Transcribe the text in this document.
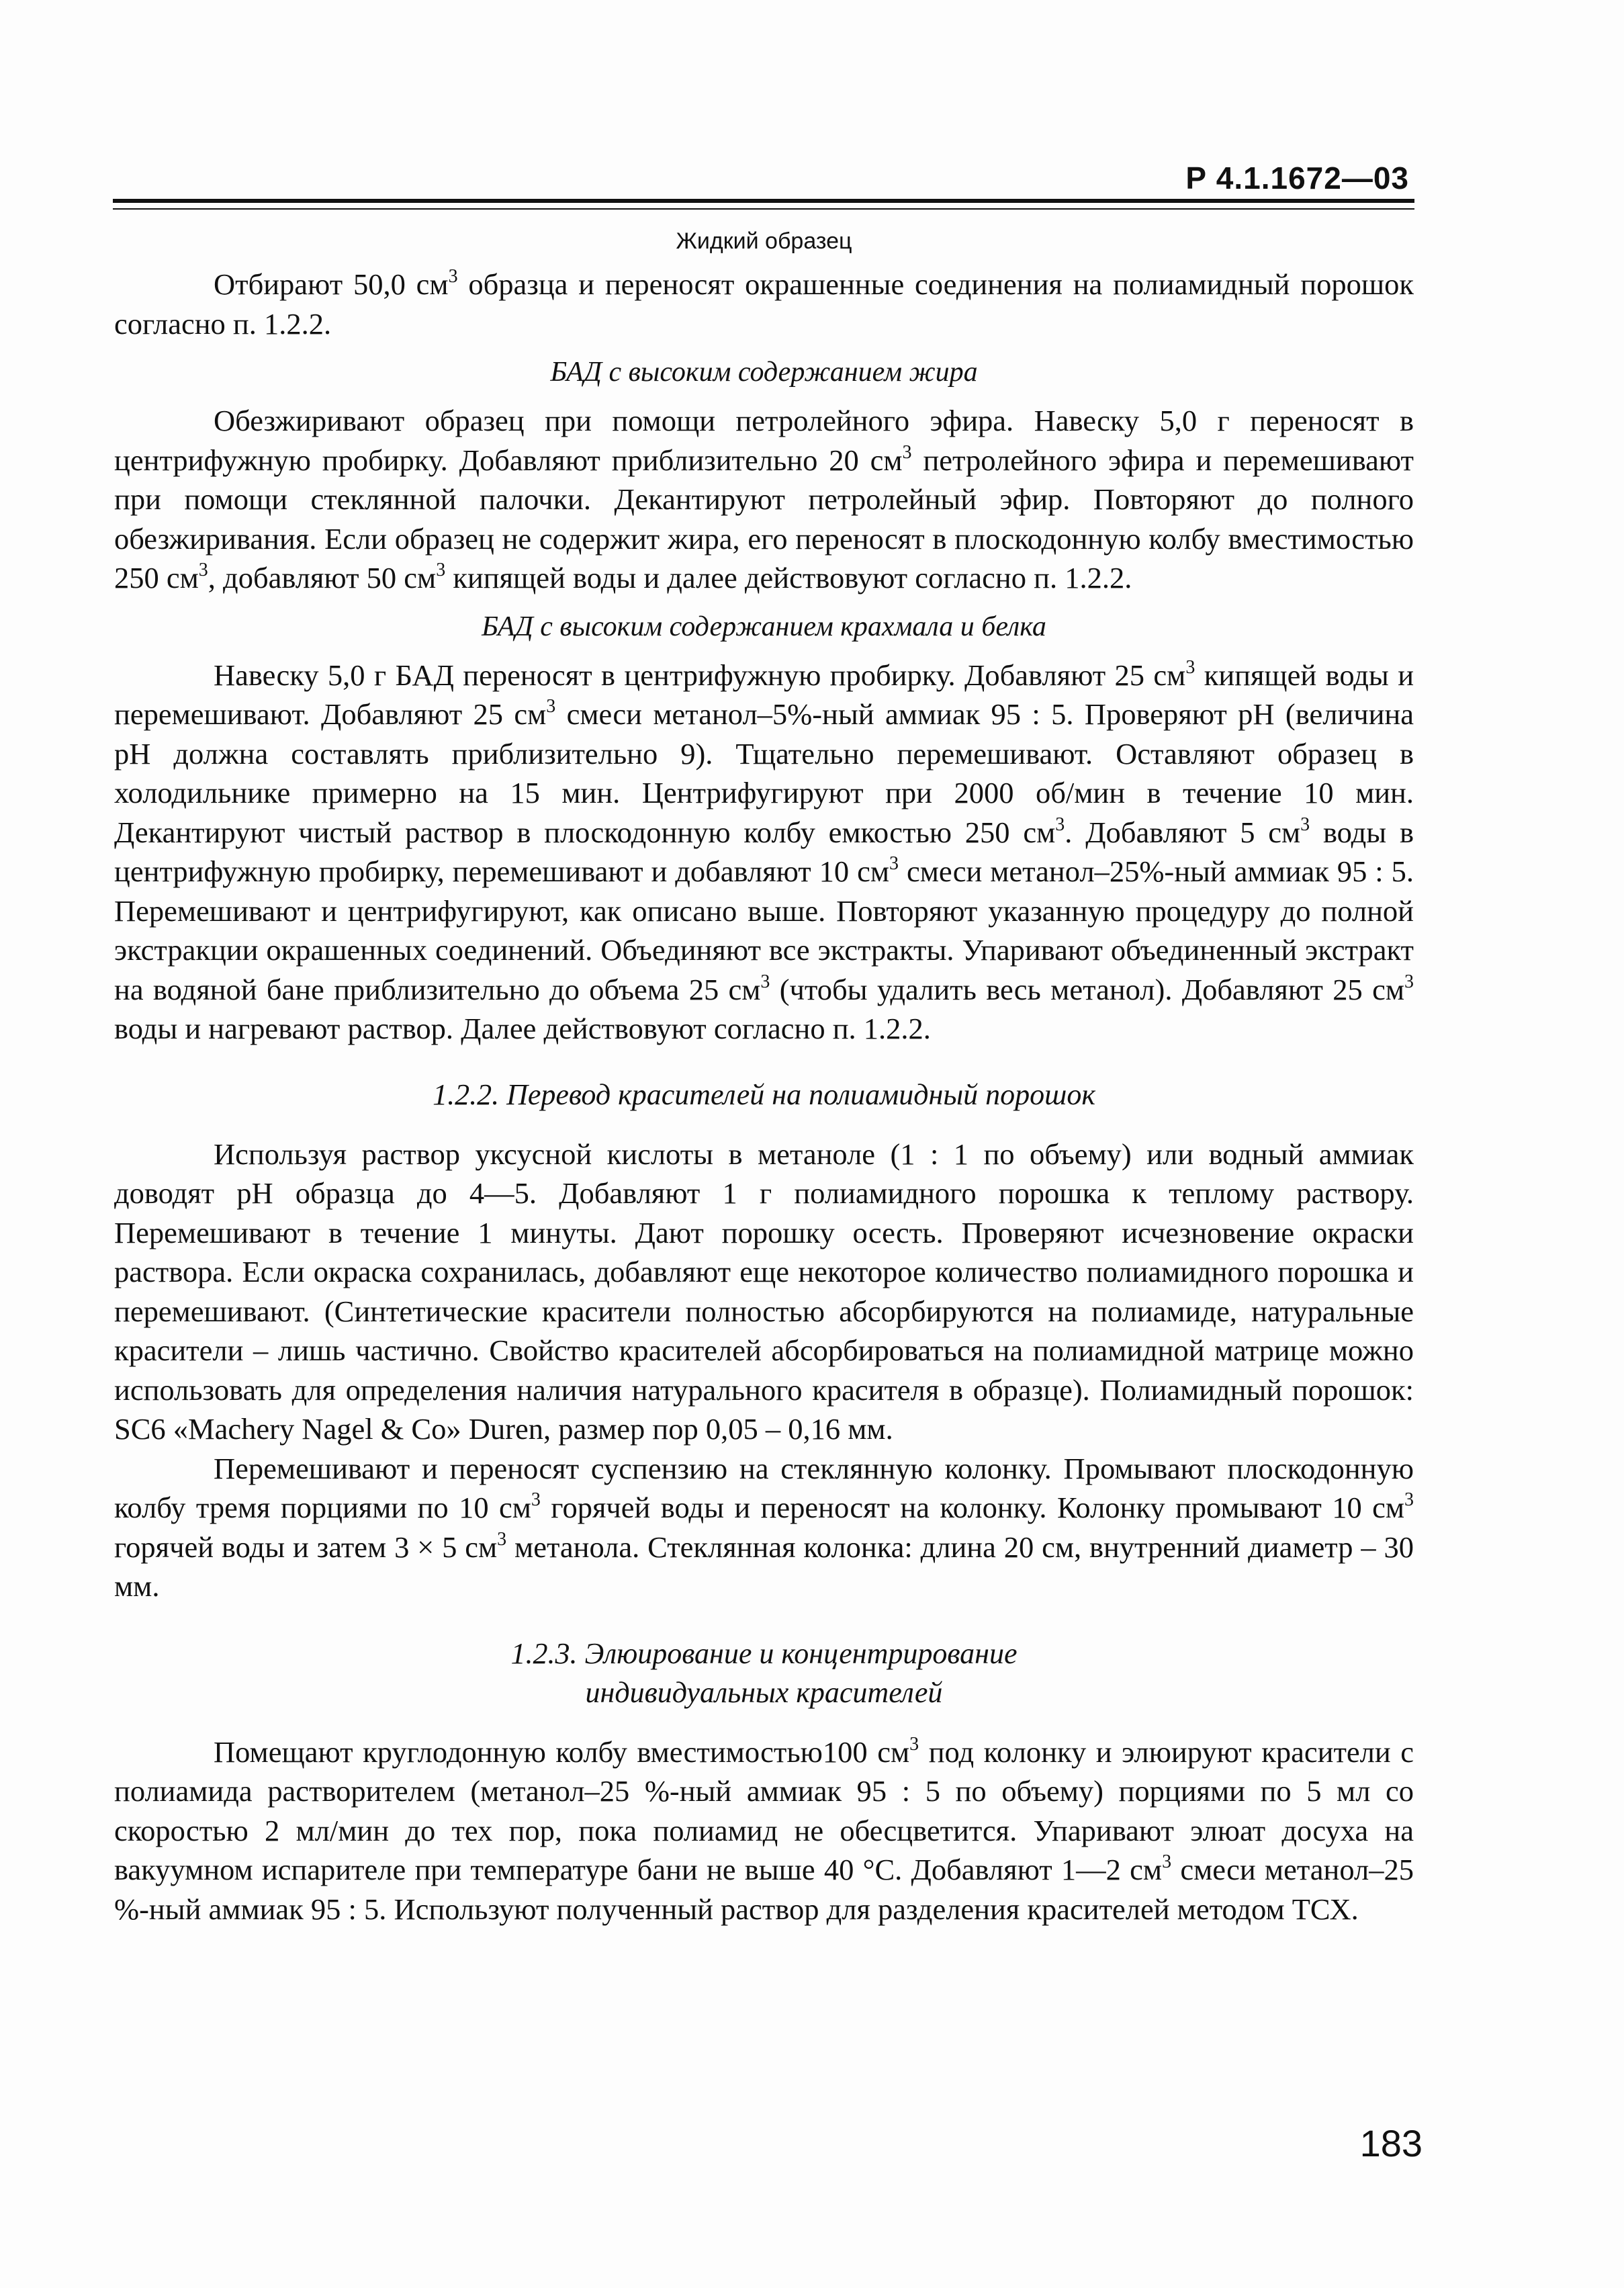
Р 4.1.1672—03
Жидкий образец

Отбирают 50,0 $см^3$ образца и переносят окрашенные соединения на полиамидный порошок согласно п. 1.2.2.

БАД с высоким содержанием жира

Обезжиривают образец при помощи петролейного эфира. Навеску 5,0 г переносят в центрифужную пробирку. Добавляют приблизительно 20 $см^3$ петролейного эфира и перемешивают при помощи стеклянной палочки. Декантируют петролейный эфир. Повторяют до полного обезжиривания. Если образец не содержит жира, его переносят в плоскодонную колбу вместимостью 250 $см^3$, добавляют 50 $см^3$ кипящей воды и далее действовуют согласно п. 1.2.2.

БАД с высоким содержанием крахмала и белка

Навеску 5,0 г БАД переносят в центрифужную пробирку. Добавляют 25 $см^3$ кипящей воды и перемешивают. Добавляют 25 $см^3$ смеси метанол–5%-ный аммиак 95 : 5. Проверяют pH (величина pH должна составлять приблизительно 9). Тщательно перемешивают. Оставляют образец в холодильнике примерно на 15 мин. Центрифугируют при 2000 об/мин в течение 10 мин. Декантируют чистый раствор в плоскодонную колбу емкостью 250 $см^3$. Добавляют 5 $см^3$ воды в центрифужную пробирку, перемешивают и добавляют 10 $см^3$ смеси метанол–25%-ный аммиак 95 : 5. Перемешивают и центрифугируют, как описано выше. Повторяют указанную процедуру до полной экстракции окрашенных соединений. Объединяют все экстракты. Упаривают объединенный экстракт на водяной бане приблизительно до объема 25 $см^3$ (чтобы удалить весь метанол). Добавляют 25 $см^3$ воды и нагревают раствор. Далее действовуют согласно п. 1.2.2.

1.2.2. Перевод красителей на полиамидный порошок

Используя раствор уксусной кислоты в метаноле (1 : 1 по объему) или водный аммиак доводят pH образца до 4—5. Добавляют 1 г полиамидного порошка к теплому раствору. Перемешивают в течение 1 минуты. Дают порошку осесть. Проверяют исчезновение окраски раствора. Если окраска сохранилась, добавляют еще некоторое количество полиамидного порошка и перемешивают. (Синтетические красители полностью абсорбируются на полиамиде, натуральные красители – лишь частично. Свойство красителей абсорбироваться на полиамидной матрице можно использовать для определения наличия натурального красителя в образце). Полиамидный порошок: SC6 «Machery Nagel & Co» Duren, размер пор 0,05 – 0,16 мм.

Перемешивают и переносят суспензию на стеклянную колонку. Промывают плоскодонную колбу тремя порциями по 10 $см^3$ горячей воды и переносят на колонку. Колонку промывают 10 $см^3$ горячей воды и затем 3 × 5 $см^3$ метанола. Стеклянная колонка: длина 20 см, внутренний диаметр – 30 мм.

1.2.3. Элюирование и концентрирование
индивидуальных красителей

Помещают круглодонную колбу вместимостью100 $см^3$ под колонку и элюируют красители с полиамида растворителем (метанол–25 %-ный аммиак 95 : 5 по объему) порциями по 5 мл со скоростью 2 мл/мин до тех пор, пока полиамид не обесцветится. Упаривают элюат досуха на вакуумном испарителе при температуре бани не выше 40 °С. Добавляют 1—2 $см^3$ смеси метанол–25 %-ный аммиак 95 : 5. Используют полученный раствор для разделения красителей методом ТСХ.

183
